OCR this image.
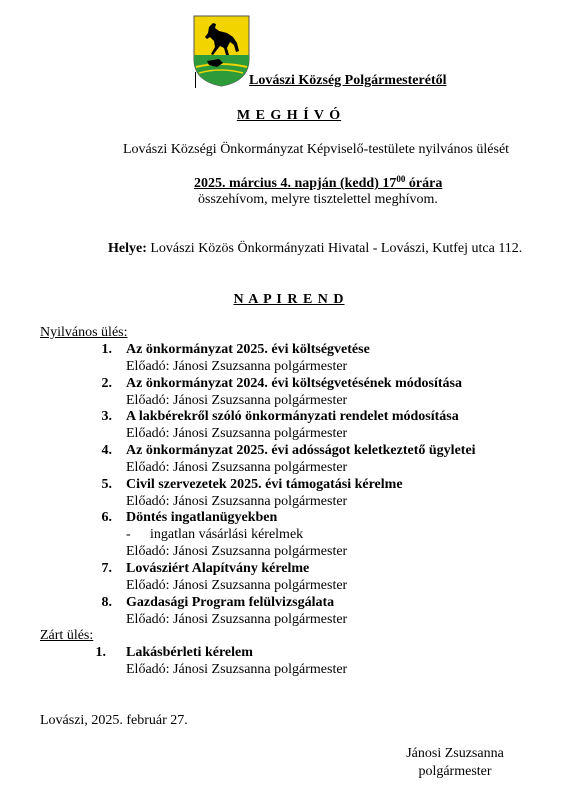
Lovászi Község Polgármesterétől
M E G H Í V Ó
Lovászi Községi Önkormányzat Képviselő-testülete nyilvános ülését
2025. március 4. napján (kedd) $17^{00}$ órára
összehívom, melyre tisztelettel meghívom.
Helye: Lovászi Közös Önkormányzati Hivatal - Lovászi, Kutfej utca 112.
N A P I R E N D
Nyilvános ülés:
1. Az önkormányzat 2025. évi költségvetése
Előadó: Jánosi Zsuzsanna polgármester
2. Az önkormányzat 2024. évi költségvetésének módosítása
Előadó: Jánosi Zsuzsanna polgármester
3. A lakbérekről szóló önkormányzati rendelet módosítása
Előadó: Jánosi Zsuzsanna polgármester
4. Az önkormányzat 2025. évi adósságot keletkeztető ügyletei
Előadó: Jánosi Zsuzsanna polgármester
5. Civil szervezetek 2025. évi támogatási kérelme
Előadó: Jánosi Zsuzsanna polgármester
6. Döntés ingatlanügyekben
- ingatlan vásárlási kérelmek
Előadó: Jánosi Zsuzsanna polgármester
7. Lovásziért Alapítvány kérelme
Előadó: Jánosi Zsuzsanna polgármester
8. Gazdasági Program felülvizsgálata
Előadó: Jánosi Zsuzsanna polgármester
Zárt ülés:
1. Lakásbérleti kérelem
Előadó: Jánosi Zsuzsanna polgármester
Lovászi, 2025. február 27.
Jánosi Zsuzsanna
polgármester
